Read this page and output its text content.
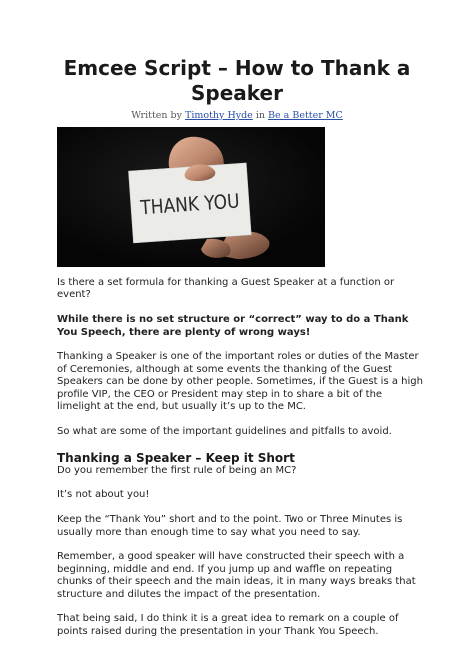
Emcee Script – How to Thank a Speaker
Written by Timothy Hyde in Be a Better MC
THANK YOU

Is there a set formula for thanking a Guest Speaker at a function or event?

While there is no set structure or “correct” way to do a Thank You Speech, there are plenty of wrong ways!

Thanking a Speaker is one of the important roles or duties of the Master of Ceremonies, although at some events the thanking of the Guest Speakers can be done by other people. Sometimes, if the Guest is a high profile VIP, the CEO or President may step in to share a bit of the limelight at the end, but usually it’s up to the MC.

So what are some of the important guidelines and pitfalls to avoid.

Thanking a Speaker – Keep it Short

Do you remember the first rule of being an MC?

It’s not about you!

Keep the “Thank You” short and to the point. Two or Three Minutes is usually more than enough time to say what you need to say.

Remember, a good speaker will have constructed their speech with a beginning, middle and end. If you jump up and waffle on repeating chunks of their speech and the main ideas, it in many ways breaks that structure and dilutes the impact of the presentation.

That being said, I do think it is a great idea to remark on a couple of points raised during the presentation in your Thank You Speech.
